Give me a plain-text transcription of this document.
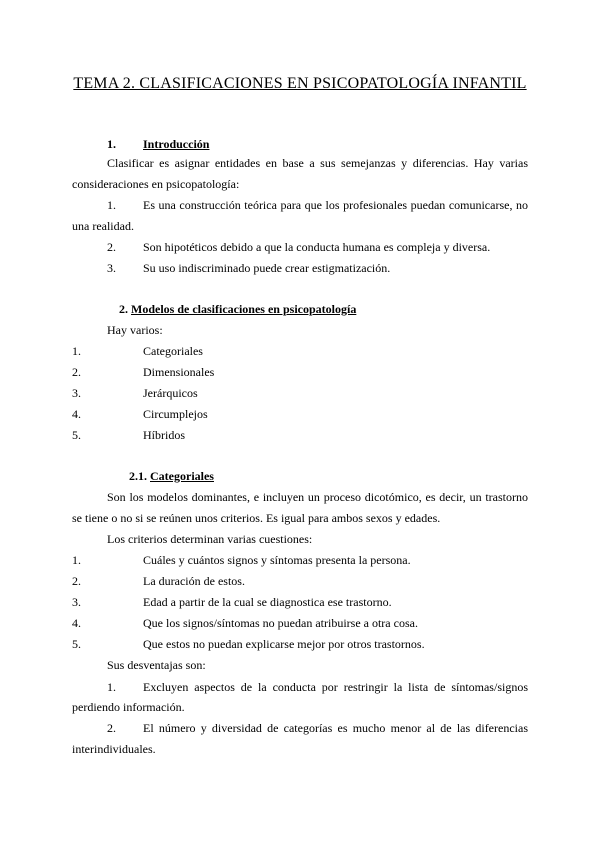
TEMA 2. CLASIFICACIONES EN PSICOPATOLOGÍA INFANTIL
1. Introducción
Clasificar es asignar entidades en base a sus semejanzas y diferencias. Hay varias
consideraciones en psicopatología:
1. Es una construcción teórica para que los profesionales puedan comunicarse, no
una realidad.
2. Son hipotéticos debido a que la conducta humana es compleja y diversa.
3. Su uso indiscriminado puede crear estigmatización.
2. Modelos de clasificaciones en psicopatología
Hay varios:
1.	Categoriales
2.	Dimensionales
3.	Jerárquicos
4.	Circumplejos
5.	Híbridos
2.1. Categoriales
Son los modelos dominantes, e incluyen un proceso dicotómico, es decir, un trastorno
se tiene o no si se reúnen unos criterios. Es igual para ambos sexos y edades.
Los criterios determinan varias cuestiones:
1.	Cuáles y cuántos signos y síntomas presenta la persona.
2.	La duración de estos.
3.	Edad a partir de la cual se diagnostica ese trastorno.
4.	Que los signos/síntomas no puedan atribuirse a otra cosa.
5.	Que estos no puedan explicarse mejor por otros trastornos.
Sus desventajas son:
1. Excluyen aspectos de la conducta por restringir la lista de síntomas/signos
perdiendo información.
2. El número y diversidad de categorías es mucho menor al de las diferencias
interindividuales.
